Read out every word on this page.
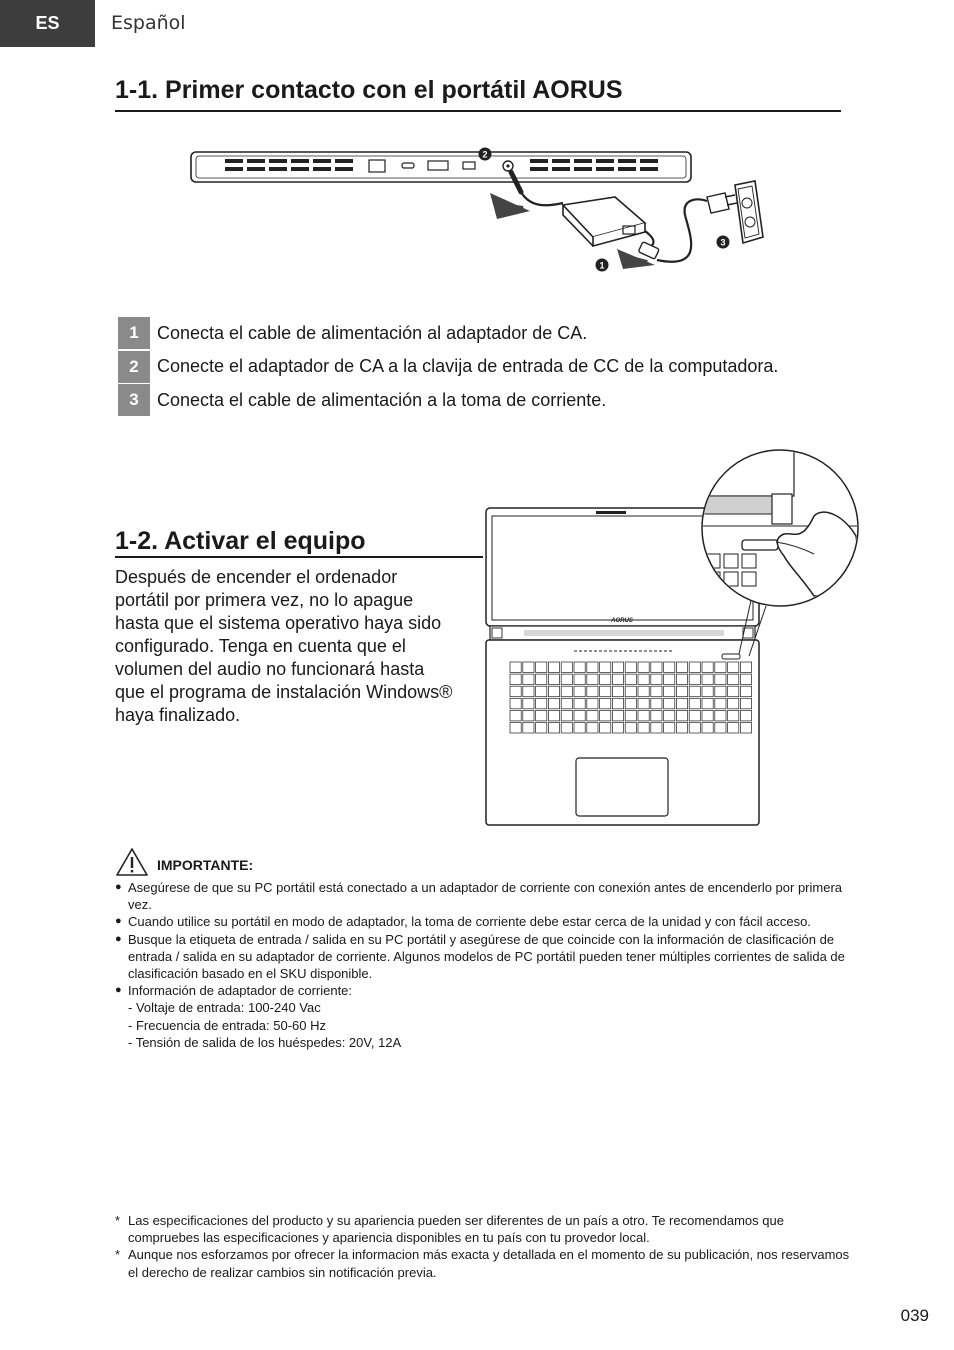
ES	Español
1-1. Primer contacto con el portátil AORUS
2
1
3
1	Conecta el cable de alimentación al adaptador de CA.
2	Conecte el adaptador de CA a la clavija de entrada de CC de la computadora.
3	Conecta el cable de alimentación a la toma de corriente.
1-2. Activar el equipo

Después de encender el ordenador portátil por primera vez, no lo apague hasta que el sistema operativo haya sido configurado. Tenga en cuenta que el volumen del audio no funcionará hasta que el programa de instalación Windows® haya finalizado.

AORUS
IMPORTANTE:
● Asegúrese de que su PC portátil está conectado a un adaptador de corriente con conexión antes de encenderlo por primera vez.
● Cuando utilice su portátil en modo de adaptador, la toma de corriente debe estar cerca de la unidad y con fácil acceso.
● Busque la etiqueta de entrada / salida en su PC portátil y asegúrese de que coincide con la información de clasificación de entrada / salida en su adaptador de corriente. Algunos modelos de PC portátil pueden tener múltiples corrientes de salida de clasificación basado en el SKU disponible.
● Información de adaptador de corriente:
- Voltaje de entrada: 100-240 Vac
- Frecuencia de entrada: 50-60 Hz
- Tensión de salida de los huéspedes: 20V, 12A
* Las especificaciones del producto y su apariencia pueden ser diferentes de un país a otro. Te recomendamos que compruebes las especificaciones y apariencia disponibles en tu país con tu provedor local.
* Aunque nos esforzamos por ofrecer la informacion más exacta y detallada en el momento de su publicación, nos reservamos el derecho de realizar cambios sin notificación previa.
039
